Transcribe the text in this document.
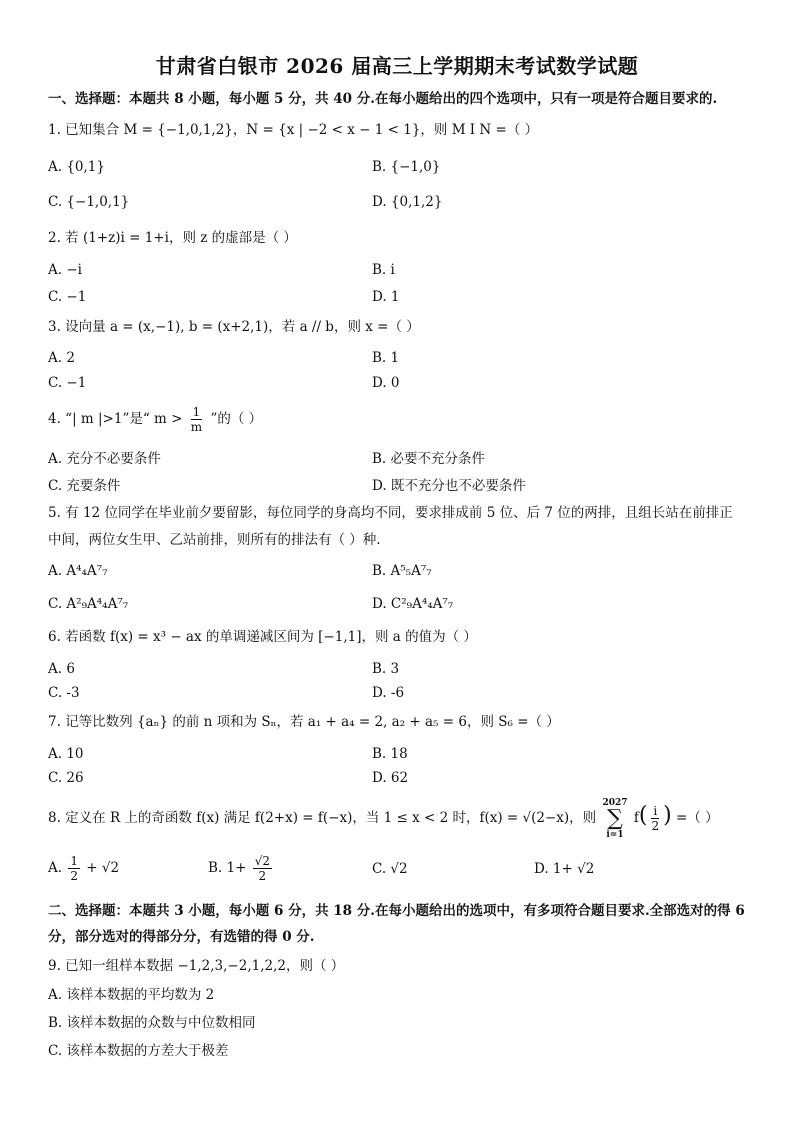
甘肃省白银市 2026 届高三上学期期末考试数学试题
一、选择题：本题共 8 小题，每小题 5 分，共 40 分.在每小题给出的四个选项中，只有一项是符合题目要求的.
1. 已知集合 M = {−1,0,1,2}，N = {x | −2 < x − 1 < 1}，则 M I N =（ ）
A. {0,1}	B. {−1,0}
C. {−1,0,1}	D. {0,1,2}
2. 若 (1+z)i = 1+i，则 z 的虚部是（ ）
A. −i	B. i
C. −1	D. 1
3. 设向量 a = (x,−1), b = (x+2,1)，若 a // b，则 x =（ ）
A. 2	B. 1
C. −1	D. 0
4. “| m |>1”是“ $m > \frac{1}{m}$ ”的（ ）
A. 充分不必要条件	B. 必要不充分条件
C. 充要条件	D. 既不充分也不必要条件
5. 有 12 位同学在毕业前夕要留影，每位同学的身高均不同，要求排成前 5 位、后 7 位的两排，且组长站在前排正
中间，两位女生甲、乙站前排，则所有的排法有（ ）种.
A. A⁴₄A⁷₇	B. A⁵₅A⁷₇
C. A²₉A⁴₄A⁷₇	D. C²₉A⁴₄A⁷₇
6. 若函数 f(x) = x³ − ax 的单调递减区间为 [−1,1]，则 a 的值为（ ）
A. 6	B. 3
C. -3	D. -6
7. 记等比数列 {aₙ} 的前 n 项和为 Sₙ，若 a₁ + a₄ = 2, a₂ + a₅ = 6，则 S₆ =（ ）
A. 10	B. 18
C. 26	D. 62
8. 定义在 R 上的奇函数 f(x) 满足 f(2+x) = f(−x)，当 1 ≤ x < 2 时，f(x) = √(2−x)，则
2027
∑
i=1
$f( \frac{i}{2}$ ) =（ ）
A. $\frac{1}{2} + √2$	B. $1+ \frac{√2}{2}$	C. √2	D. 1+ √2
二、选择题：本题共 3 小题，每小题 6 分，共 18 分.在每小题给出的选项中，有多项符合题目要求.全部选对的得 6
分，部分选对的得部分分，有选错的得 0 分.
9. 已知一组样本数据 −1,2,3,−2,1,2,2，则（ ）
A. 该样本数据的平均数为 2
B. 该样本数据的众数与中位数相同
C. 该样本数据的方差大于极差
